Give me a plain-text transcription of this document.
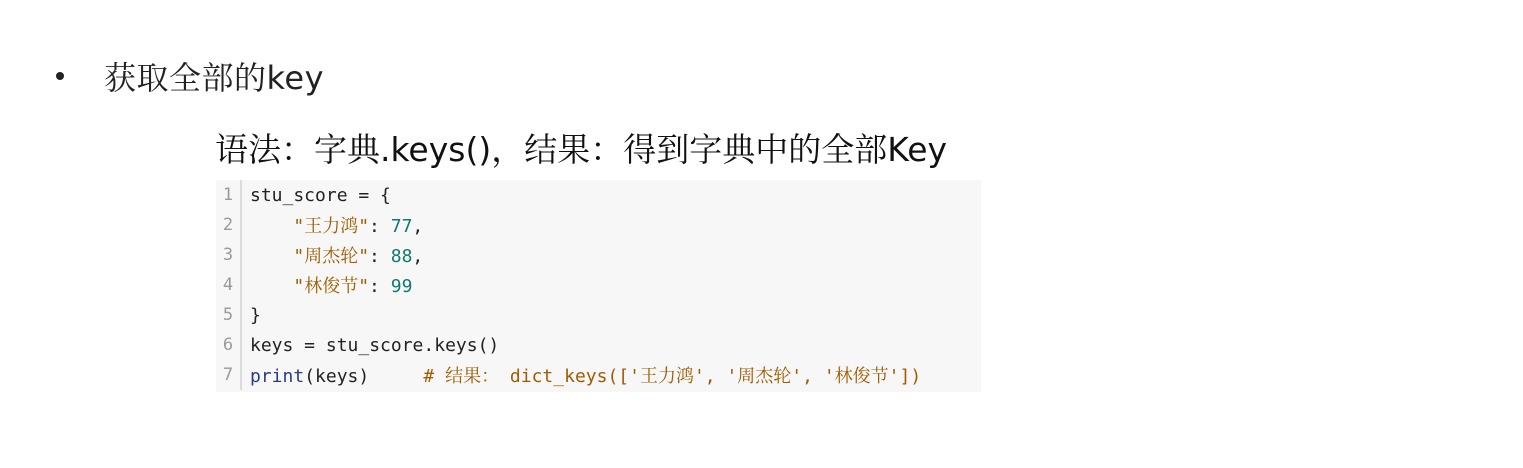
获取全部的key
语法：字典.keys()，结果：得到字典中的全部Key
1 stu_score = {
2	"王力鸿": 77,
3	"周杰轮": 88,
4	"林俊节": 99
5 }
6 keys = stu_score.keys()
7 print(keys)	# 结果： dict_keys(['王力鸿', '周杰轮', '林俊节'])
